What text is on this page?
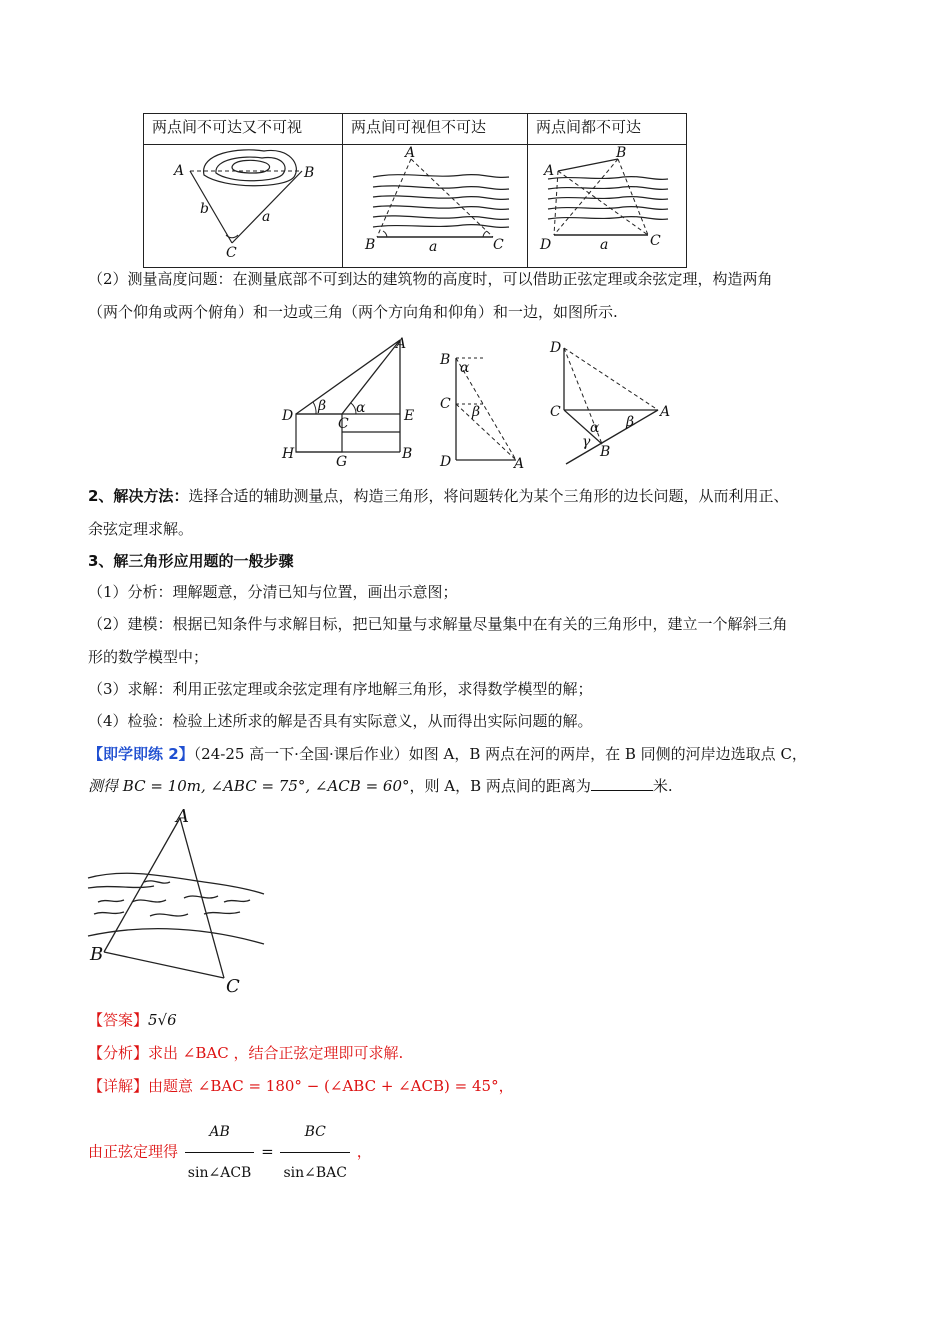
两点间不可达又不可视	两点间可视但不可达	两点间都不可达

A B
C
b a	A
B C
a	A
B
D C
a
（2）测量高度问题：在测量底部不可到达的建筑物的高度时，可以借助正弦定理或余弦定理，构造两角
（两个仰角或两个俯角）和一边或三角（两个方向角和仰角）和一边，如图所示.
A
D	C	E
H	G	B
β α
B α
C β
D	A
D
C	A
B
α β
γ
2、解决方法：选择合适的辅助测量点，构造三角形，将问题转化为某个三角形的边长问题，从而利用正、
余弦定理求解。
3、解三角形应用题的一般步骤
（1）分析：理解题意，分清已知与位置，画出示意图；
（2）建模：根据已知条件与求解目标，把已知量与求解量尽量集中在有关的三角形中，建立一个解斜三角
形的数学模型中；
（3）求解：利用正弦定理或余弦定理有序地解三角形，求得数学模型的解；
（4）检验：检验上述所求的解是否具有实际意义，从而得出实际问题的解。
【即学即练 2】（24-25 高一下·全国·课后作业）如图 A，B 两点在河的两岸，在 B 同侧的河岸边选取点 C，
测得 BC = 10m, ∠ABC = 75°, ∠ACB = 60°，则 A，B 两点间的距离为	米.
A
B
C
【答案】5√6
【分析】求出 ∠BAC ，结合正弦定理即可求解.
【详解】由题意 ∠BAC = 180° − (∠ABC + ∠ACB) = 45°，
由正弦定理得 $\frac{AB}{\text{sin∠ACB}} = \frac{BC}{\text{sin∠BAC}}$ ，
